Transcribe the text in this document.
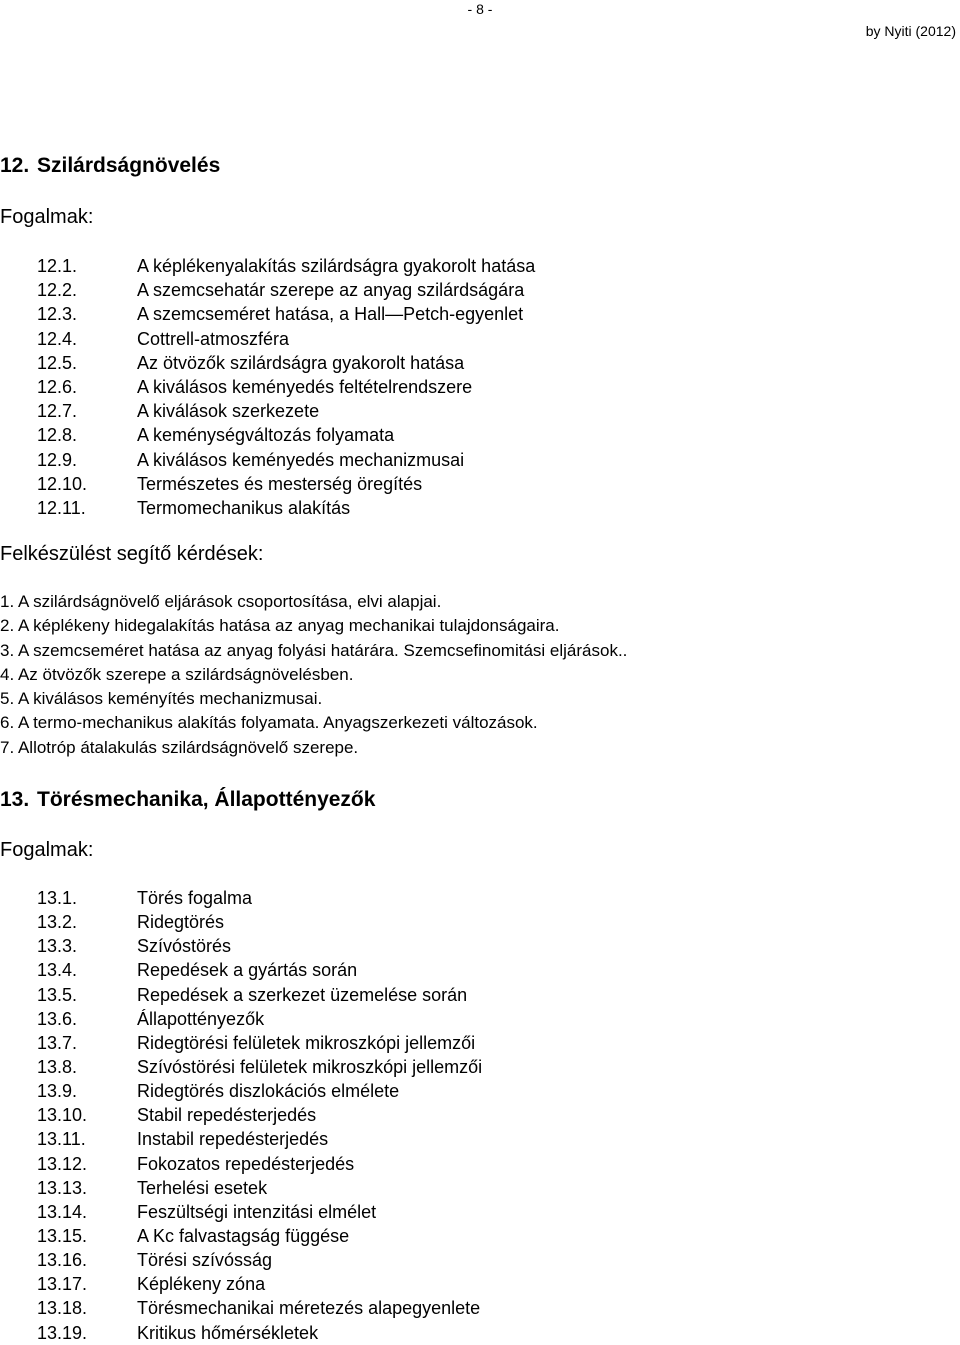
- 8 -
by Nyiti (2012)
12. Szilárdságnövelés
Fogalmak:
12.1.	A képlékenyalakítás szilárdságra gyakorolt hatása
12.2.	A szemcsehatár szerepe az anyag szilárdságára
12.3.	A szemcseméret hatása, a Hall—Petch-egyenlet
12.4.	Cottrell-atmoszféra
12.5.	Az ötvözők szilárdságra gyakorolt hatása
12.6.	A kiválásos keményedés feltételrendszere
12.7.	A kiválások szerkezete
12.8.	A keménységváltozás folyamata
12.9.	A kiválásos keményedés mechanizmusai
12.10.	Természetes és mesterség öregítés
12.11.	Termomechanikus alakítás
Felkészülést segítő kérdések:
1. A szilárdságnövelő eljárások csoportosítása, elvi alapjai.
2. A képlékeny hidegalakítás hatása az anyag mechanikai tulajdonságaira.
3. A szemcseméret hatása az anyag folyási határára. Szemcsefinomitási eljárások..
4. Az ötvözők szerepe a szilárdságnövelésben.
5. A kiválásos keményítés mechanizmusai.
6. A termo-mechanikus alakítás folyamata. Anyagszerkezeti változások.
7. Allotróp átalakulás szilárdságnövelő szerepe.
13. Törésmechanika, Állapottényezők
Fogalmak:
13.1.	Törés fogalma
13.2.	Ridegtörés
13.3.	Szívóstörés
13.4.	Repedések a gyártás során
13.5.	Repedések a szerkezet üzemelése során
13.6.	Állapottényezők
13.7.	Ridegtörési felületek mikroszkópi jellemzői
13.8.	Szívóstörési felületek mikroszkópi jellemzői
13.9.	Ridegtörés diszlokációs elmélete
13.10.	Stabil repedésterjedés
13.11.	Instabil repedésterjedés
13.12.	Fokozatos repedésterjedés
13.13.	Terhelési esetek
13.14.	Feszültségi intenzitási elmélet
13.15.	A Kc falvastagság függése
13.16.	Törési szívósság
13.17.	Képlékeny zóna
13.18.	Törésmechanikai méretezés alapegyenlete
13.19.	Kritikus hőmérsékletek
